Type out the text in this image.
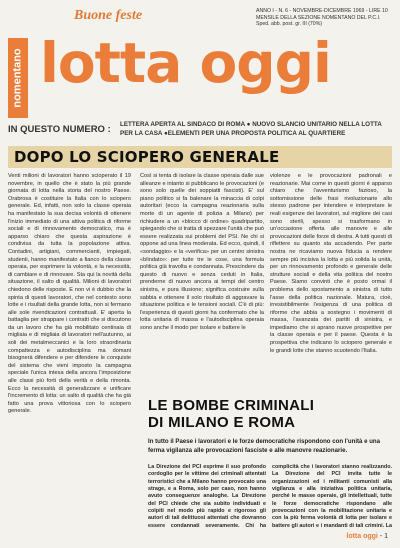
Buone feste
nomentano lotta oggi
ANNO I - N. 6 - NOVEMBRE-DICEMBRE 1969 - LIRE 10 MENSILE DELLA SEZIONE NOMENTANO DEL P.C.I. Sped. abb. post. gr. III (70%)
IN QUESTO NUMERO : LETTERA APERTA AL SINDACO DI ROMA ● NUOVO SLANCIO UNITARIO NELLA LOTTA PER LA CASA ●ELEMENTI PER UNA PROPOSTA POLITICA AL QUARTIERE
DOPO LO SCIOPERO GENERALE
Venti milioni di lavoratori hanno scioperato il 19 novembre, in quello che è stato la più grande giornata di lotta nella storia del nostro Paese. Orabrosa è costituire la Italia con lo sciopero generale. Ed, infatti, non solo la classe operaia ha manifestato la sua decisa volontà di ottenere l'inizio immediato di una attiva politica di riforme sociali e di rinnovamento democratico, ma è apparso chiaro che questa aspirazione è condivisa da tutta la popolazione attiva. Contadini, artigiani, commercianti, impiegati, studenti, hanno manifestato a fianco della classe operaia, per esprimere la volontà, e la necessità, di cambiare e di rinnovare. Sta qui la novità della situazione, il salto di qualità. Milioni di lavoratori chiedono delle risposte. E non vi è dubbio che la spinta di questi lavoratori, che nel contesto sono lotte e i risultati della grande lotta, non si fermano alle sole rivendicazioni contrattuali. E' aperta la battaglia per strappare i contratti che si discutono da un lavoro che ha già mobilitato centinaia di migliaia e di migliaia di lavoratori nell'autunno, ai soli dei metalmeccanici e la loro straordinaria compattezza e autodisciplina ma domani bisognerà difendere e per difendere le conquiste del sistema che vieni imposto la campagna speciale l'unica intesa della ancora l'imposizione alle classi più forti della verità e della rimonta. Ecco la necessità di generalizzare e unificare l'incremento di lotta: un salto di qualità che ha già fatto una prova vittoriosa con lo sciopero generale.
Così si tenta di isolare la classe operaia dalle sue alleanze e intanto si pubblicano le provocazioni (e sono solo quelle dei soppiatti fascisti). E' sul piano politico si fa balenare la minaccia di colpi autoritari (ecco la campagna reazionaria sulla morte di un agente di polizia a Milano) per richiudere a un «blocco di ordine» quadripartito, spiegando che si tratta di spezzare l'unità che può essere realizzata sui problemi del PSI. Ne chi si oppone ad una linea moderata. Ed ecco, quindi, il «sondaggio» e la «verifica» per un centro sinistra «blindato»: per tutte tre le cose, una formula politica già travolta e condannata. Prescindere da questo di nuovo e senza ceduti in Italia, prenderne di nuovo ancora ai tempi del centro sinistra, e pura illusione; significa costruire sulla sabbia e ottenere il solo risultato di aggravare la situazione politica e le tensioni sociali. C'è di più: l'esperienza di questi giorni ha confermato che la lotta unitaria di massa e l'autodisciplina operaia sono anche il modo per isolare e battere le
violenze e le provocazioni padronali e reazionarie. Mai come in questi giorni è apparso chiaro che l'avventurismo fazioso, la sottomissione delle frasi rivoluzionarie allo stesso padrone per intendere e interpretare le reali esigenze dei lavoratori, sul migliore dei casi sono sterili, spesso si trasformano in un'occasione offerta alle manovre e alle provocazioni delle forze di destra. A tutti questi di riflettere su quanto sta accadendo. Per parte nostra ne ricaviamo nuova fiducia a rendere sempre più incisiva la lotta e più solida la unità, per un rinnovamento profondo e generale delle strutture sociali e della vita politica del nostro Paese. Siamo convinti che è posto ormai il problema dello spostamento a sinistra di tutto l'asse della politica nazionale. Matura, cioè, irresistibilmente l'esigenza di una politica di riforme che abbia a sostegno i movimenti di massa, l'avanzata dei partiti di sinistra, e impediamo che si aprano nuove prospettive per la classe operaia e per il paese. Questa è la prospettiva che indicano lo sciopero generale e le grandi lotte che stanno scuotendo l'Italia.
LE BOMBE CRIMINALI
DI MILANO E ROMA
In tutto il Paese i lavoratori e le forze democratiche rispondono con l'unità e una ferma vigilanza alle provocazioni fasciste e alle manovre reazionarie.
La Direzione del PCI esprime il suo profondo cordoglio per le vittime dei criminali attentati terroristici che a Milano hanno provocato una strage, e a Roma, solo per caso, non hanno avuto conseguenze analoghe. La Direzione del PCI chiede che sia subito individuati e colpiti nel modo più rapido e rigoroso gli autori di tali delittuosi attentati che dovranno essere condannati severamente. Chi ha
complicità che i lavoratori stanno realizzando. La Direzione del PCI invita tutte le organizzazioni ed i militanti comunisti alla vigilanza e alla iniziativa politica unitaria, perché le masse operaie, gli intellettuali, tutte le forze democratiche rispondano alle provocazioni con la mobilitazione unitaria e con la più ferma volontà di lotta per isolare e battere gli autori e i mandanti di tali crimini. La
lotta oggi - 1
